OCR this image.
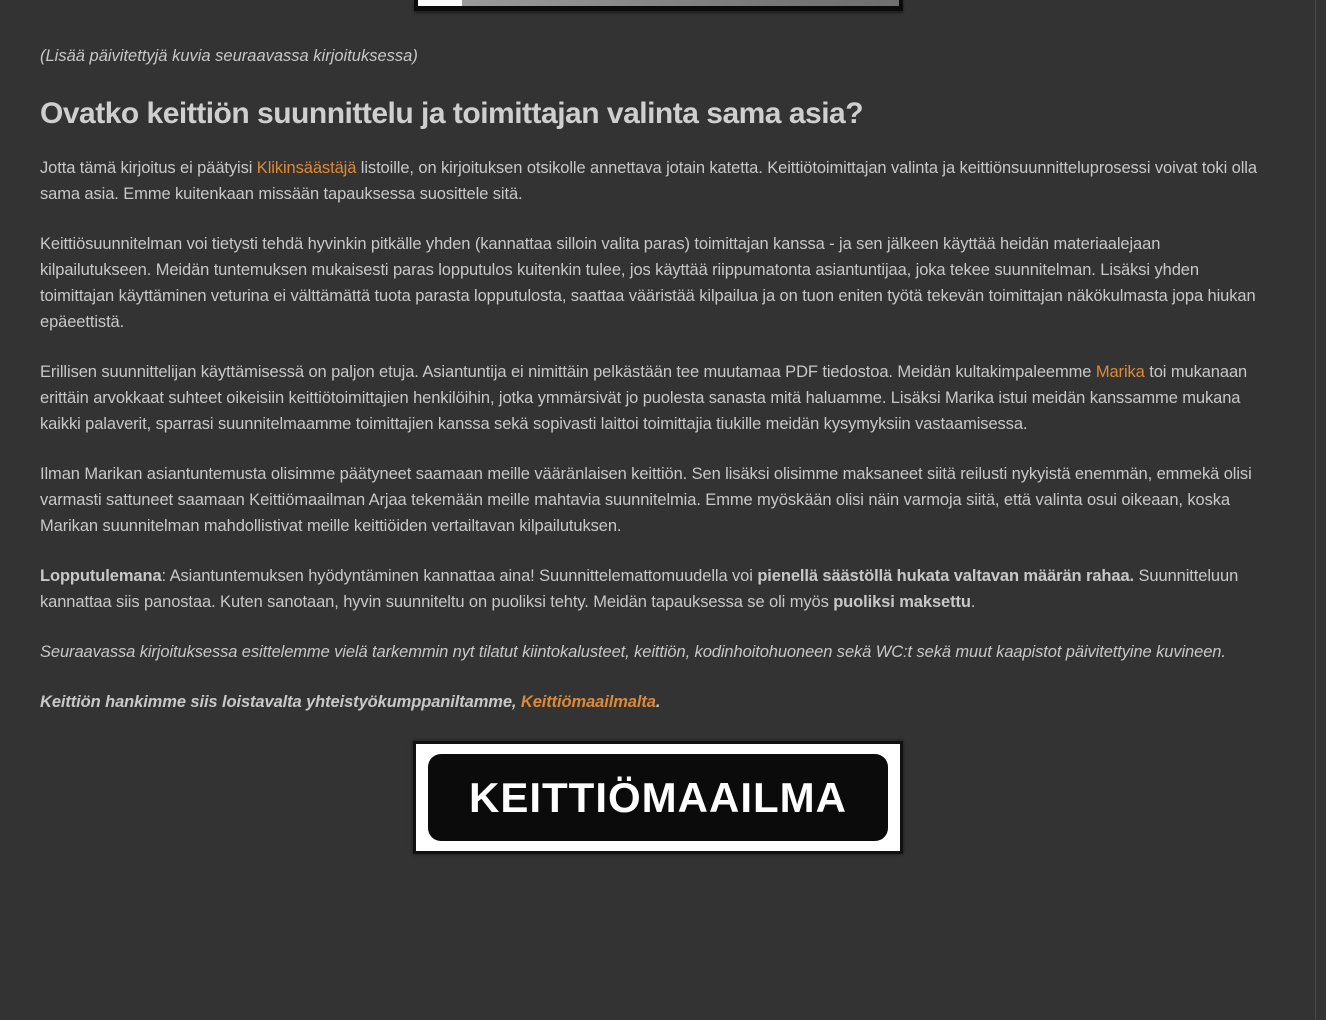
(Lisää päivitettyjä kuvia seuraavassa kirjoituksessa)

Ovatko keittiön suunnittelu ja toimittajan valinta sama asia?

Jotta tämä kirjoitus ei päätyisi Klikinsäästäjä listoille, on kirjoituksen otsikolle annettava jotain katetta. Keittiötoimittajan valinta ja keittiönsuunnitteluprosessi voivat toki olla sama asia. Emme kuitenkaan missään tapauksessa suosittele sitä.

Keittiösuunnitelman voi tietysti tehdä hyvinkin pitkälle yhden (kannattaa silloin valita paras) toimittajan kanssa - ja sen jälkeen käyttää heidän materiaalejaan kilpailutukseen. Meidän tuntemuksen mukaisesti paras lopputulos kuitenkin tulee, jos käyttää riippumatonta asiantuntijaa, joka tekee suunnitelman. Lisäksi yhden toimittajan käyttäminen veturina ei välttämättä tuota parasta lopputulosta, saattaa vääristää kilpailua ja on tuon eniten työtä tekevän toimittajan näkökulmasta jopa hiukan epäeettistä.

Erillisen suunnittelijan käyttämisessä on paljon etuja. Asiantuntija ei nimittäin pelkästään tee muutamaa PDF tiedostoa. Meidän kultakimpaleemme Marika toi mukanaan erittäin arvokkaat suhteet oikeisiin keittiötoimittajien henkilöihin, jotka ymmärsivät jo puolesta sanasta mitä haluamme. Lisäksi Marika istui meidän kanssamme mukana kaikki palaverit, sparrasi suunnitelmaamme toimittajien kanssa sekä sopivasti laittoi toimittajia tiukille meidän kysymyksiin vastaamisessa.

Ilman Marikan asiantuntemusta olisimme päätyneet saamaan meille vääränlaisen keittiön. Sen lisäksi olisimme maksaneet siitä reilusti nykyistä enemmän, emmekä olisi varmasti sattuneet saamaan Keittiömaailman Arjaa tekemään meille mahtavia suunnitelmia. Emme myöskään olisi näin varmoja siitä, että valinta osui oikeaan, koska Marikan suunnitelman mahdollistivat meille keittiöiden vertailtavan kilpailutuksen.

Lopputulemana: Asiantuntemuksen hyödyntäminen kannattaa aina! Suunnittelemattomuudella voi pienellä säästöllä hukata valtavan määrän rahaa. Suunnitteluun kannattaa siis panostaa. Kuten sanotaan, hyvin suunniteltu on puoliksi tehty. Meidän tapauksessa se oli myös puoliksi maksettu.

Seuraavassa kirjoituksessa esittelemme vielä tarkemmin nyt tilatut kiintokalusteet, keittiön, kodinhoitohuoneen sekä WC:t sekä muut kaapistot päivitettyine kuvineen.

Keittiön hankimme siis loistavalta yhteistyökumppaniltamme, Keittiömaailmalta.

KEITTIÖMAAILMA
